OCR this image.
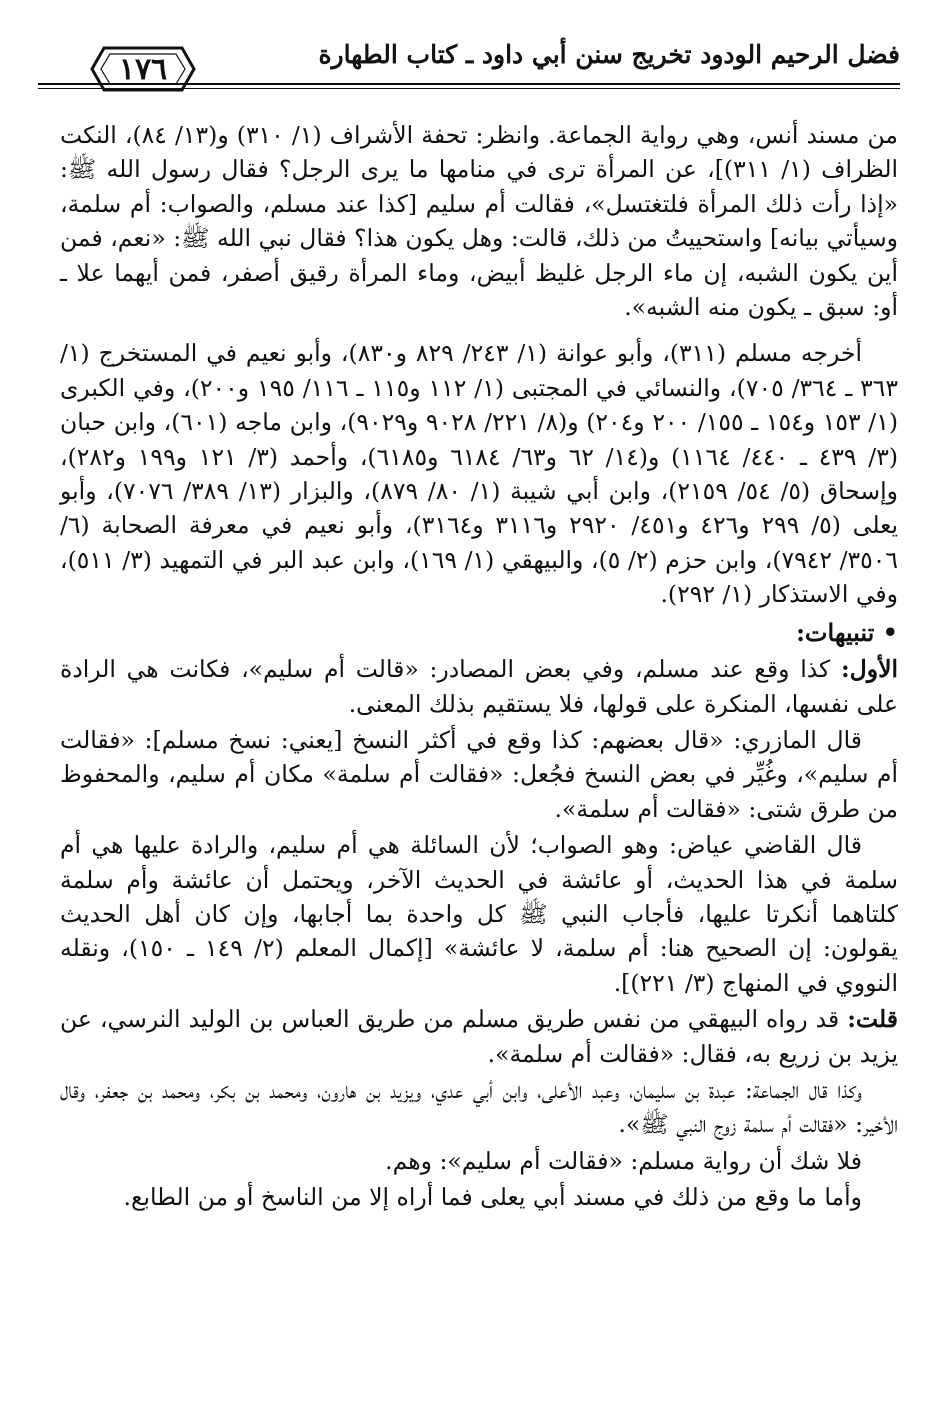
١٧٦	فضل الرحيم الودود تخريج سنن أبي داود ـ كتاب الطهارة

من مسند أنس، وهي رواية الجماعة. وانظر: تحفة الأشراف (١/ ٣١٠) و(١٣/ ٨٤)، النكت الظراف (١/ ٣١١)]، عن المرأة ترى في منامها ما يرى الرجل؟ فقال رسول الله ﷺ: «إذا رأت ذلك المرأة فلتغتسل»، فقالت أم سليم [كذا عند مسلم، والصواب: أم سلمة، وسيأتي بيانه] واستحييتُ من ذلك، قالت: وهل يكون هذا؟ فقال نبي الله ﷺ: «نعم، فمن أين يكون الشبه، إن ماء الرجل غليظ أبيض، وماء المرأة رقيق أصفر، فمن أيهما علا ـ أو: سبق ـ يكون منه الشبه».

أخرجه مسلم (٣١١)، وأبو عوانة (١/ ٢٤٣/ ٨٢٩ و٨٣٠)، وأبو نعيم في المستخرج (١/ ٣٦٣ ـ ٣٦٤/ ٧٠٥)، والنسائي في المجتبى (١/ ١١٢ و١١٥ ـ ١١٦/ ١٩٥ و٢٠٠)، وفي الكبرى (١/ ١٥٣ و١٥٤ ـ ١٥٥/ ٢٠٠ و٢٠٤) و(٨/ ٢٢١/ ٩٠٢٨ و٩٠٢٩)، وابن ماجه (٦٠١)، وابن حبان (٣/ ٤٣٩ ـ ٤٤٠/ ١١٦٤) و(١٤/ ٦٢ و٦٣/ ٦١٨٤ و٦١٨٥)، وأحمد (٣/ ١٢١ و١٩٩ و٢٨٢)، وإسحاق (٥/ ٥٤/ ٢١٥٩)، وابن أبي شيبة (١/ ٨٠/ ٨٧٩)، والبزار (١٣/ ٣٨٩/ ٧٠٧٦)، وأبو يعلى (٥/ ٢٩٩ و٤٢٦ و٤٥١/ ٢٩٢٠ و٣١١٦ و٣١٦٤)، وأبو نعيم في معرفة الصحابة (٦/ ٣٥٠٦/ ٧٩٤٢)، وابن حزم (٢/ ٥)، والبيهقي (١/ ١٦٩)، وابن عبد البر في التمهيد (٣/ ٥١١)، وفي الاستذكار (١/ ٢٩٢).

• تنبيهات:

الأول: كذا وقع عند مسلم، وفي بعض المصادر: «قالت أم سليم»، فكانت هي الرادة على نفسها، المنكرة على قولها، فلا يستقيم بذلك المعنى.

قال المازري: «قال بعضهم: كذا وقع في أكثر النسخ [يعني: نسخ مسلم]: «فقالت أم سليم»، وغُيِّر في بعض النسخ فجُعل: «فقالت أم سلمة» مكان أم سليم، والمحفوظ من طرق شتى: «فقالت أم سلمة».

قال القاضي عياض: وهو الصواب؛ لأن السائلة هي أم سليم، والرادة عليها هي أم سلمة في هذا الحديث، أو عائشة في الحديث الآخر، ويحتمل أن عائشة وأم سلمة كلتاهما أنكرتا عليها، فأجاب النبي ﷺ كل واحدة بما أجابها، وإن كان أهل الحديث يقولون: إن الصحيح هنا: أم سلمة، لا عائشة» [إكمال المعلم (٢/ ١٤٩ ـ ١٥٠)، ونقله النووي في المنهاج (٣/ ٢٢١)].

قلت: قد رواه البيهقي من نفس طريق مسلم من طريق العباس بن الوليد النرسي، عن يزيد بن زريع به، فقال: «فقالت أم سلمة».

وكذا قال الجماعة: عبدة بن سليمان، وعبد الأعلى، وابن أبي عدي، ويزيد بن هارون، ومحمد بن بكر، ومحمد بن جعفر، وقال الأخير: «فقالت أم سلمة زوج النبي ﷺ».

فلا شك أن رواية مسلم: «فقالت أم سليم»: وهم.

وأما ما وقع من ذلك في مسند أبي يعلى فما أراه إلا من الناسخ أو من الطابع.
